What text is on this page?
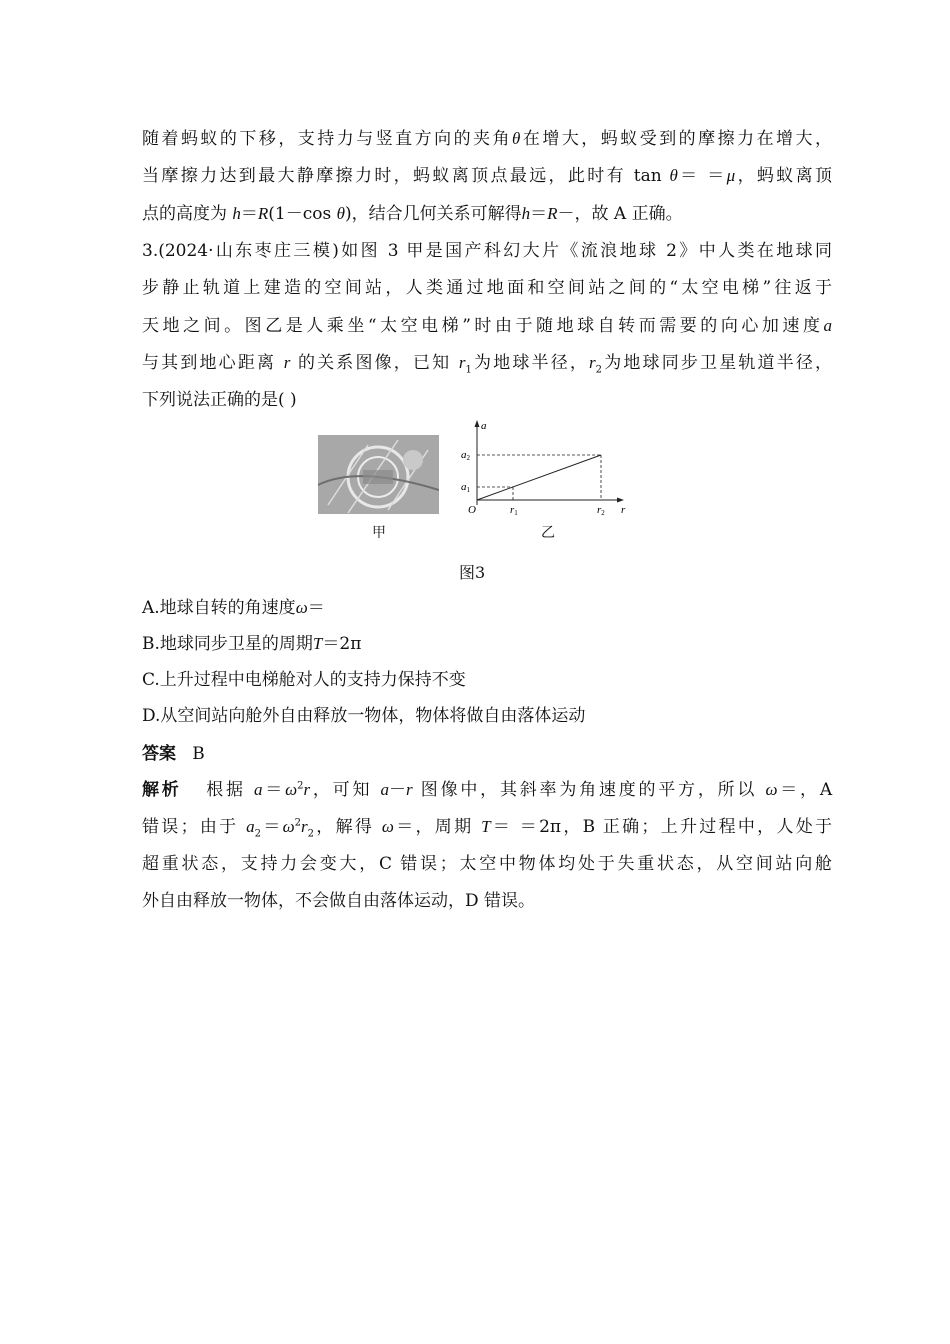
随着蚂蚁的下移，支持力与竖直方向的夹角θ在增大，蚂蚁受到的摩擦力在增大，
当摩擦力达到最大静摩擦力时，蚂蚁离顶点最远，此时有 tan θ＝ ＝μ，蚂蚁离顶
点的高度为 h＝R(1－cos θ)，结合几何关系可解得h＝R－，故 A 正确。
3.(2024·山东枣庄三模)如图 3 甲是国产科幻大片《流浪地球 2》中人类在地球同
步静止轨道上建造的空间站，人类通过地面和空间站之间的“太空电梯”往返于
天地之间。图乙是人乘坐“太空电梯”时由于随地球自转而需要的向心加速度a
与其到地心距离 r 的关系图像，已知 $r_1$为地球半径，$r_2$为地球同步卫星轨道半径，
下列说法正确的是( )
甲
a
r
O
a2
a1
r1	r2
乙
图3
A.地球自转的角速度ω＝
B.地球同步卫星的周期T＝2π
C.上升过程中电梯舱对人的支持力保持不变
D.从空间站向舱外自由释放一物体，物体将做自由落体运动
答案 B
解析 根据 $a=\omega^2r$，可知 a－r 图像中，其斜率为角速度的平方，所以 ω＝，A
错误；由于 $a_2=\omega^2r_2$，解得 ω＝，周期 T＝ ＝2π，B 正确；上升过程中，人处于
超重状态，支持力会变大，C 错误；太空中物体均处于失重状态，从空间站向舱
外自由释放一物体，不会做自由落体运动，D 错误。
